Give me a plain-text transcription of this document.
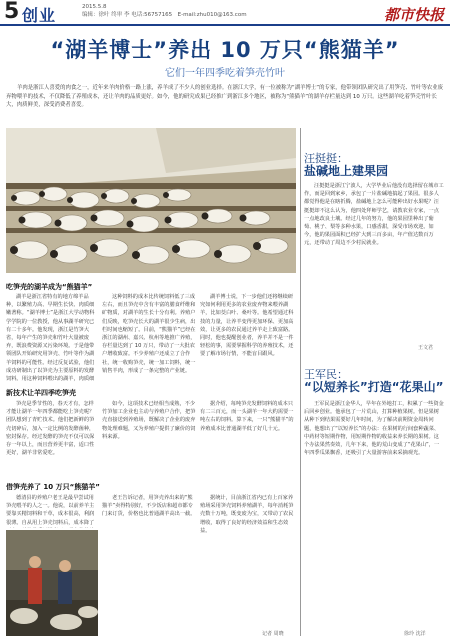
5 创业	2015.5.8
编辑：徐叶 终审 李 电话:56757165　 E-mail:zhu010@163.com	都市快报
“湖羊博士”养出 10 万只“熊猫羊”
它们一年四季吃着笋壳竹叶
羊肉是浙江人喜爱的肉食之一，近年来羊肉价格一路上涨，养羊成了不少人的创业选择。在浙江大学，有一位被称为“湖羊博士”的专家，他带领团队研究出了用笋壳、竹叶等农业废弃物喂羊的技术，不仅降低了养殖成本，还让羊肉的品质更好。如今，他的研究成果已经推广到浙江多个地区，被称为“熊猫羊”的湖羊存栏量达到 10 万只。这些湖羊吃着笋壳竹叶长大，肉质鲜美，深受消费者喜爱。
汪挺挺：
盐碱地上建果园
汪挺挺是浙江宁波人，大学毕业后他没有选择留在城市工作，而是回到家乡，承包了一片盐碱地搞起了果园。很多人都觉得他是在瞎折腾，盐碱地上怎么可能种出好水果呢？汪挺挺却不这么认为，他四处拜师学艺，请教农业专家，一点一点地改良土壤。经过几年的努力，他的果园里种出了葡萄、桃子、梨等多种水果，口感香甜，深受市场欢迎。如今，他的果园面积已经扩大到三百多亩，年产值达数百万元，还带动了周边不少村民就业。
王文君
王军民：
“以短养长”打造“花果山”
王军民是浙江金华人，早年在外地打工，积累了一些资金后回乡创业。他承包了一片荒山，打算种植果树。但是果树从种下到结果需要好几年时间，为了解决前期资金周转问题，他想出了“以短养长”的办法：在果树的行间套种蔬菜、中药材等短期作物，用短期作物的收益来养长期的果树。这个办法果然奏效，几年下来，他的荒山变成了“花果山”，一年四季瓜果飘香，还吸引了大量游客前来采摘观光。
徐玲 沈洋
吃笋壳的湖羊成为“熊猫羊”
湖羊是浙江省特有的地方绵羊品种，以繁殖力高、早期生长快、肉质细嫩著称。“湖羊博士”是浙江大学动物科学学院的一位教授，他从事湖羊研究已有二十多年。他发现，浙江是竹笋大省，每年产生的笋壳和竹叶大量被废弃，既浪费资源又污染环境。于是他带领团队开始研究用笋壳、竹叶等作为湖羊饲料的可能性。经过反复试验，他们成功研制出了以笋壳为主要原料的发酵饲料。用这种饲料喂出的湖羊，肉质细
这种饲料的成本比传统饲料低了三成左右，而且笋壳中含有丰富的膳食纤维和矿物质，对湖羊的生长十分有利。养殖户们反映，吃笋壳长大的湖羊很少生病，出栏时间也缩短了。目前，“熊猫羊”已经在浙江的湖州、嘉兴、杭州等地推广养殖，存栏量达到了 10 万只，带动了一大批农户增收致富。不少养殖户还成立了合作社，统一收购笋壳，统一加工饲料，统一销售羊肉，形成了一条完整的产业链。
湖羊博士说，下一步他们还将继续研究如何利用更多的农业废弃物来喂养湖羊，比如茭白叶、桑叶等。他希望通过科技的力量，让养羊变得更加环保、更加高效，让更多的农民通过养羊走上致富路。同时，他也提醒创业者，养羊并不是一件轻松的事，需要掌握科学的养殖技术，还要了解市场行情，不能盲目跟风。
新技术让羊四季吃笋壳
笋壳是季节性的，春天才有，怎样才能让湖羊一年四季都能吃上笋壳呢？团队想到了青贮技术。他们把新鲜的笋壳切碎后，加入一定比例的发酵菌种，密封保存。经过发酵的笋壳不仅可以保存一年以上，而且营养更丰富，适口性更好，湖羊非常爱吃。
如今，这项技术已经相当成熟，不少竹笋加工企业也主动与养殖户合作，把笋壳直接送到养殖场，既解决了企业的废弃物处理难题，又为养殖户提供了廉价的饲料来源。
据介绍，每吨笋壳发酵饲料的成本只有二三百元，而一头湖羊一年大约需要一吨左右的饲料。算下来，一只“熊猫羊”的养殖成本比普通湖羊低了好几十元。
借笋壳养了 10 万只“熊猫羊”
德清县的养殖户老王是最早尝试用笋壳喂羊的人之一。他说，以前养羊主要靠买精饲料和干草，成本很高，利润很薄。自从用上笋壳饲料后，成本降了
老王告诉记者，用笋壳养出来的“熊猫羊”卖得特别好，不少饭店和超市都专门来订货，价格也比普通湖羊高出一截。
据统计，目前浙江省内已有上百家养殖场采用笋壳饲料养殖湖羊，每年消耗笋壳数十万吨，既变废为宝，又带动了农民增收，取得了良好的经济效益和生态效益。
记者 周晓
